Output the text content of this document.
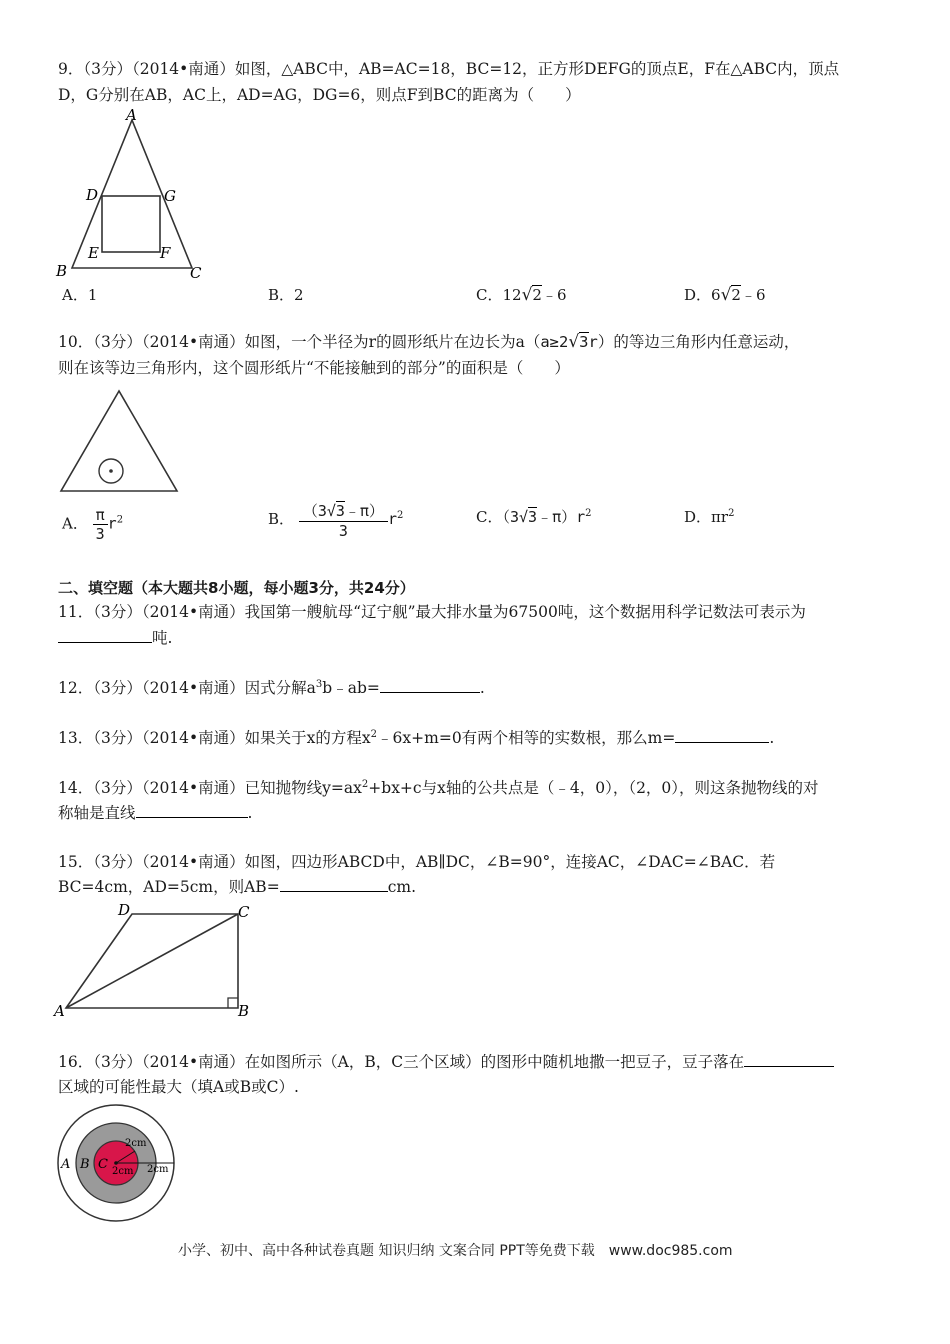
9．（3分）（2014•南通）如图，△ABC中，AB=AC=18，BC=12，正方形DEFG的顶点E，F在△ABC内，顶点
D，G分别在AB，AC上，AD=AG，DG=6，则点F到BC的距离为（　　）
A
B	C
D	G
E	F
A．1	B．2	C．12√2﹣6	D．6√2﹣6
10．（3分）（2014•南通）如图，一个半径为r的圆形纸片在边长为a（a≥2√3r）的等边三角形内任意运动，
则在该等边三角形内，这个圆形纸片“不能接触到的部分”的面积是（　　）
A． $\frac{\pi}{3} r^2$	B． $\frac{(3√3﹣\pi)}{3} r^2$	C．$(3√3﹣\pi)r^2$	D．$\pi r^2$
二、填空题（本大题共8小题，每小题3分，共24分）
11．（3分）（2014•南通）我国第一艘航母“辽宁舰”最大排水量为67500吨，这个数据用科学记数法可表示为
吨.
12．（3分）（2014•南通）因式分解$a^3b﹣ab=$	.
13．（3分）（2014•南通）如果关于x的方程$x^2﹣6x+m=0$有两个相等的实数根，那么m=	.
14．（3分）（2014•南通）已知抛物线$y=ax^2+bx+c$与x轴的公共点是（﹣4，0），（2，0），则这条抛物线的对
称轴是直线	.
15．（3分）（2014•南通）如图，四边形ABCD中，AB∥DC，∠B=90°，连接AC，∠DAC=∠BAC．若
BC=4cm，AD=5cm，则AB=	cm.
A	B
C
D
16．（3分）（2014•南通）在如图所示（A，B，C三个区域）的图形中随机地撒一把豆子，豆子落在
区域的可能性最大（填A或B或C）.
A B C
2cm
2cm 2cm
小学、初中、高中各种试卷真题 知识归纳 文案合同 PPT等免费下载　www.doc985.com
